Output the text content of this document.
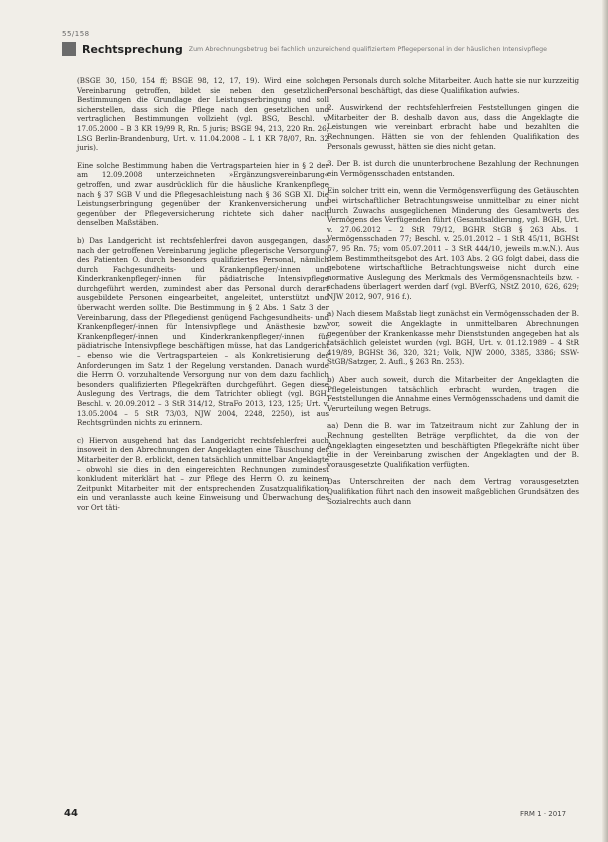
55/158
Rechtsprechung Zum Abrechnungsbetrug bei fachlich unzureichend qualifiziertem Pflegepersonal in der häuslichen Intensivpflege

(BSGE 30, 150, 154 ff; BSGE 98, 12, 17, 19). Wird eine solche Vereinbarung getroffen, bildet sie neben den gesetzlichen Bestimmungen die Grundlage der Leistungserbringung und soll sicherstellen, dass sich die Pflege nach den gesetzlichen und vertraglichen Bestimmungen vollzieht (vgl. BSG, Beschl. v. 17.05.2000 – B 3 KR 19/99 R, Rn. 5 juris; BSGE 94, 213, 220 Rn. 26; LSG Berlin-Brandenburg, Urt. v. 11.04.2008 – L 1 KR 78/07, Rn. 32 juris).

Eine solche Bestimmung haben die Vertragsparteien hier in § 2 der am 12.09.2008 unterzeichneten »Ergänzungsvereinbarung« getroffen, und zwar ausdrücklich für die häusliche Krankenpflege nach § 37 SGB V und die Pflegesachleistung nach § 36 SGB XI. Die Leistungserbringung gegenüber der Krankenversicherung und gegenüber der Pflegeversicherung richtete sich daher nach denselben Maßstäben.

b) Das Landgericht ist rechtsfehlerfrei davon ausgegangen, dass nach der getroffenen Vereinbarung jegliche pflegerische Versorgung des Patienten O. durch besonders qualifiziertes Personal, nämlich durch Fachgesundheits- und Krankenpfleger/-innen und Kinderkrankenpfleger/-innen für pädiatrische Intensivpflege durchgeführt werden, zumindest aber das Personal durch derart ausgebildete Personen eingearbeitet, angeleitet, unterstützt und überwacht werden sollte. Die Bestimmung in § 2 Abs. 1 Satz 3 der Vereinbarung, dass der Pflegedienst genügend Fachgesundheits- und Krankenpfleger/-innen für Intensivpflege und Anästhesie bzw. Krankenpfleger/-innen und Kinderkrankenpfleger/-innen für pädiatrische Intensivpflege beschäftigen müsse, hat das Landgericht – ebenso wie die Vertragsparteien – als Konkretisierung der Anforderungen im Satz 1 der Regelung verstanden. Danach wurde die Herrn O. vorzuhaltende Versorgung nur von dem dazu fachlich besonders qualifizierten Pflegekräften durchgeführt. Gegen diese Auslegung des Vertrags, die dem Tatrichter obliegt (vgl. BGH, Beschl. v. 20.09.2012 – 3 StR 314/12, StraFo 2013, 123, 125; Urt. v. 13.05.2004 – 5 StR 73/03, NJW 2004, 2248, 2250), ist aus Rechtsgründen nichts zu erinnern.

c) Hiervon ausgehend hat das Landgericht rechtsfehlerfrei auch insoweit in den Abrechnungen der Angeklagten eine Täuschung der Mitarbeiter der B. erblickt, denen tatsächlich unmittelbar Angeklagte – obwohl sie dies in den eingereichten Rechnungen zumindest konkludent miterklärt hat – zur Pflege des Herrn O. zu keinem Zeitpunkt Mitarbeiter mit der entsprechenden Zusatzqualifikation ein und veranlasste auch keine Einweisung und Überwachung des vor Ort täti-

gen Personals durch solche Mitarbeiter. Auch hatte sie nur kurzzeitig Personal beschäftigt, das diese Qualifikation aufwies.

2. Auswirkend der rechtsfehlerfreien Feststellungen gingen die Mitarbeiter der B. deshalb davon aus, dass die Angeklagte die Leistungen wie vereinbart erbracht habe und bezahlten die Rechnungen. Hätten sie von der fehlenden Qualifikation des Personals gewusst, hätten sie dies nicht getan.

3. Der B. ist durch die ununterbrochene Bezahlung der Rechnungen ein Vermögensschaden entstanden.

Ein solcher tritt ein, wenn die Vermögensverfügung des Getäuschten bei wirtschaftlicher Betrachtungsweise unmittelbar zu einer nicht durch Zuwachs ausgeglichenen Minderung des Gesamtwerts des Vermögens des Verfügenden führt (Gesamtsaldierung, vgl. BGH, Urt. v. 27.06.2012 – 2 StR 79/12, BGHR StGB § 263 Abs. 1 Vermögensschaden 77; Beschl. v. 25.01.2012 – 1 StR 45/11, BGHSt 57, 95 Rn. 75; vom 05.07.2011 – 3 StR 444/10, jeweils m.w.N.). Aus dem Bestimmtheitsgebot des Art. 103 Abs. 2 GG folgt dabei, dass die gebotene wirtschaftliche Betrachtungsweise nicht durch eine normative Auslegung des Merkmals des Vermögensnachteils bzw. -schadens überlagert werden darf (vgl. BVerfG, NStZ 2010, 626, 629; NJW 2012, 907, 916 f.).

a) Nach diesem Maßstab liegt zunächst ein Vermögensschaden der B. vor, soweit die Angeklagte in unmittelbaren Abrechnungen gegenüber der Krankenkasse mehr Dienststunden angegeben hat als tatsächlich geleistet wurden (vgl. BGH, Urt. v. 01.12.1989 – 4 StR 419/89, BGHSt 36, 320, 321; Volk, NJW 2000, 3385, 3386; SSW-StGB/Satzger, 2. Aufl., § 263 Rn. 253).

b) Aber auch soweit, durch die Mitarbeiter der Angeklagten die Pflegeleistungen tatsächlich erbracht wurden, tragen die Feststellungen die Annahme eines Vermögensschadens und damit die Verurteilung wegen Betrugs.

aa) Denn die B. war im Tatzeitraum nicht zur Zahlung der in Rechnung gestellten Beträge verpflichtet, da die von der Angeklagten eingesetzten und beschäftigten Pflegekräfte nicht über die in der Vereinbarung zwischen der Angeklagten und der B. vorausgesetzte Qualifikation verfügten.

Das Unterschreiten der nach dem Vertrag vorausgesetzten Qualifikation führt nach den insoweit maßgeblichen Grundsätzen des Sozialrechts auch dann

44	FRM 1 · 2017
